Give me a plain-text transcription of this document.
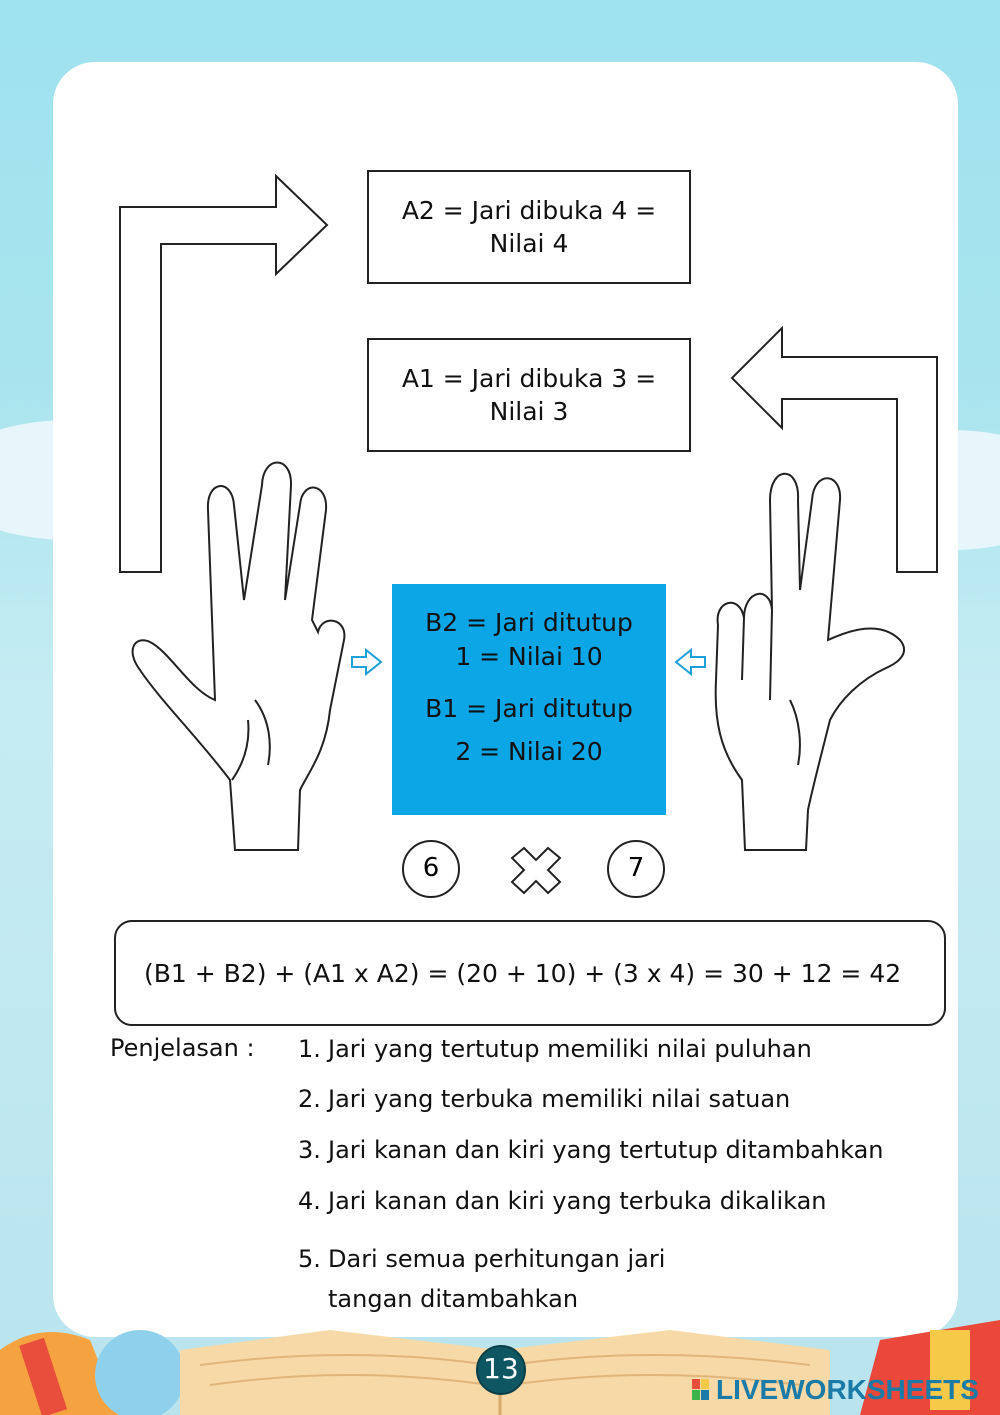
A2 = Jari dibuka 4 =
Nilai 4
A1 = Jari dibuka 3 =
Nilai 3
B2 = Jari ditutup
1 = Nilai 10
B1 = Jari ditutup
2 = Nilai 20
6	7
(B1 + B2) + (A1 x A2) = (20 + 10) + (3 x 4) = 30 + 12 = 42
Penjelasan : 1. Jari yang tertutup memiliki nilai puluhan
2. Jari yang terbuka memiliki nilai satuan
3. Jari kanan dan kiri yang tertutup ditambahkan
4. Jari kanan dan kiri yang terbuka dikalikan
5. Dari semua perhitungan jari tangan ditambahkan
13
LIVEWORKSHEETS
